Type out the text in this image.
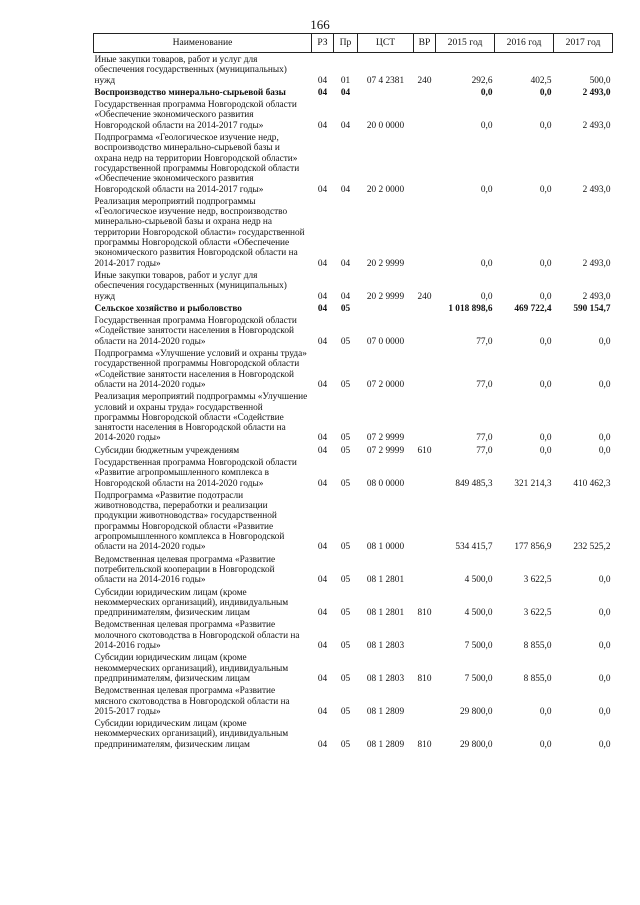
166
Наименование	РЗ	Пр	ЦСТ	ВР	2015 год	2016 год	2017 год
Иные закупки товаров, работ и услуг для обеспечения государственных (муниципальных) нужд	04	01	07 4 2381	240	292,6	402,5	500,0
Воспроизводство минерально-сырьевой базы	04	04			0,0	0,0	2 493,0
Государственная программа Новгородской области «Обеспечение экономического развития Новгородской области на 2014-2017 годы»	04	04	20 0 0000		0,0	0,0	2 493,0
Подпрограмма «Геологическое изучение недр, воспроизводство минерально-сырьевой базы и охрана недр на территории Новгородской области» государственной программы Новгородской области «Обеспечение экономического развития Новгородской области на 2014-2017 годы»	04	04	20 2 0000		0,0	0,0	2 493,0
Реализация мероприятий подпрограммы «Геологическое изучение недр, воспроизводство минерально-сырьевой базы и охрана недр на территории Новгородской области» государственной программы Новгородской области «Обеспечение экономического развития Новгородской области на 2014-2017 годы»	04	04	20 2 9999		0,0	0,0	2 493,0
Иные закупки товаров, работ и услуг для обеспечения государственных (муниципальных) нужд	04	04	20 2 9999	240	0,0	0,0	2 493,0
Сельское хозяйство и рыболовство	04	05			1 018 898,6	469 722,4	590 154,7
Государственная программа Новгородской области «Содействие занятости населения в Новгородской области на 2014-2020 годы»	04	05	07 0 0000		77,0	0,0	0,0
Подпрограмма «Улучшение условий и охраны труда» государственной программы Новгородской области «Содействие занятости населения в Новгородской области на 2014-2020 годы»	04	05	07 2 0000		77,0	0,0	0,0
Реализация мероприятий подпрограммы «Улучшение условий и охраны труда» государственной программы Новгородской области «Содействие занятости населения в Новгородской области на 2014-2020 годы»	04	05	07 2 9999		77,0	0,0	0,0
Субсидии бюджетным учреждениям	04	05	07 2 9999	610	77,0	0,0	0,0
Государственная программа Новгородской области «Развитие агропромышленного комплекса в Новгородской области на 2014-2020 годы»	04	05	08 0 0000		849 485,3	321 214,3	410 462,3
Подпрограмма «Развитие подотрасли животноводства, переработки и реализации продукции животноводства» государственной программы Новгородской области «Развитие агропромышленного комплекса в Новгородской области на 2014-2020 годы»	04	05	08 1 0000		534 415,7	177 856,9	232 525,2
Ведомственная целевая программа «Развитие потребительской кооперации в Новгородской области на 2014-2016 годы»	04	05	08 1 2801		4 500,0	3 622,5	0,0
Субсидии юридическим лицам (кроме некоммерческих организаций), индивидуальным предпринимателям, физическим лицам	04	05	08 1 2801	810	4 500,0	3 622,5	0,0
Ведомственная целевая программа «Развитие молочного скотоводства в Новгородской области на 2014-2016 годы»	04	05	08 1 2803		7 500,0	8 855,0	0,0
Субсидии юридическим лицам (кроме некоммерческих организаций), индивидуальным предпринимателям, физическим лицам	04	05	08 1 2803	810	7 500,0	8 855,0	0,0
Ведомственная целевая программа «Развитие мясного скотоводства в Новгородской области на 2015-2017 годы»	04	05	08 1 2809		29 800,0	0,0	0,0
Субсидии юридическим лицам (кроме некоммерческих организаций), индивидуальным предпринимателям, физическим лицам	04	05	08 1 2809	810	29 800,0	0,0	0,0
